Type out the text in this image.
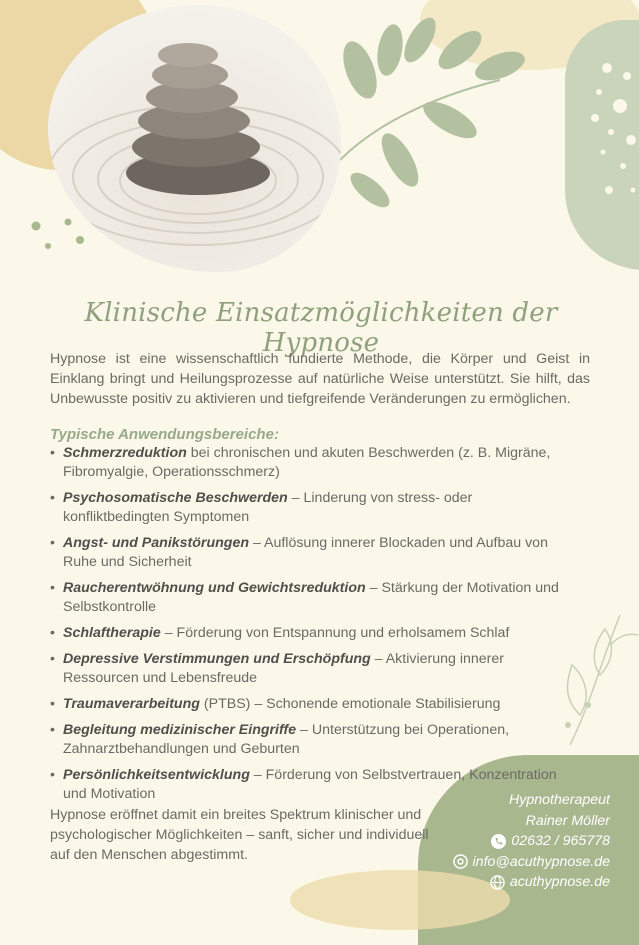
Klinische Einsatzmöglichkeiten der Hypnose

Hypnose ist eine wissenschaftlich fundierte Methode, die Körper und Geist in Einklang bringt und Heilungsprozesse auf natürliche Weise unterstützt. Sie hilft, das Unbewusste positiv zu aktivieren und tiefgreifende Veränderungen zu ermöglichen.

Typische Anwendungsbereiche:
• Schmerzreduktion bei chronischen und akuten Beschwerden (z. B. Migräne, Fibromyalgie, Operationsschmerz)
• Psychosomatische Beschwerden – Linderung von stress- oder konfliktbedingten Symptomen
• Angst- und Panikstörungen – Auflösung innerer Blockaden und Aufbau von Ruhe und Sicherheit
• Raucherentwöhnung und Gewichtsreduktion – Stärkung der Motivation und Selbstkontrolle
• Schlaftherapie – Förderung von Entspannung und erholsamem Schlaf
• Depressive Verstimmungen und Erschöpfung – Aktivierung innerer Ressourcen und Lebensfreude
• Traumaverarbeitung (PTBS) – Schonende emotionale Stabilisierung
• Begleitung medizinischer Eingriffe – Unterstützung bei Operationen, Zahnarztbehandlungen und Geburten
• Persönlichkeitsentwicklung – Förderung von Selbstvertrauen, Konzentration und Motivation

Hypnose eröffnet damit ein breites Spektrum klinischer und psychologischer Möglichkeiten – sanft, sicher und individuell auf den Menschen abgestimmt.

Hypnotherapeut
Rainer Möller
02632 / 965778
info@acuthypnose.de
acuthypnose.de
